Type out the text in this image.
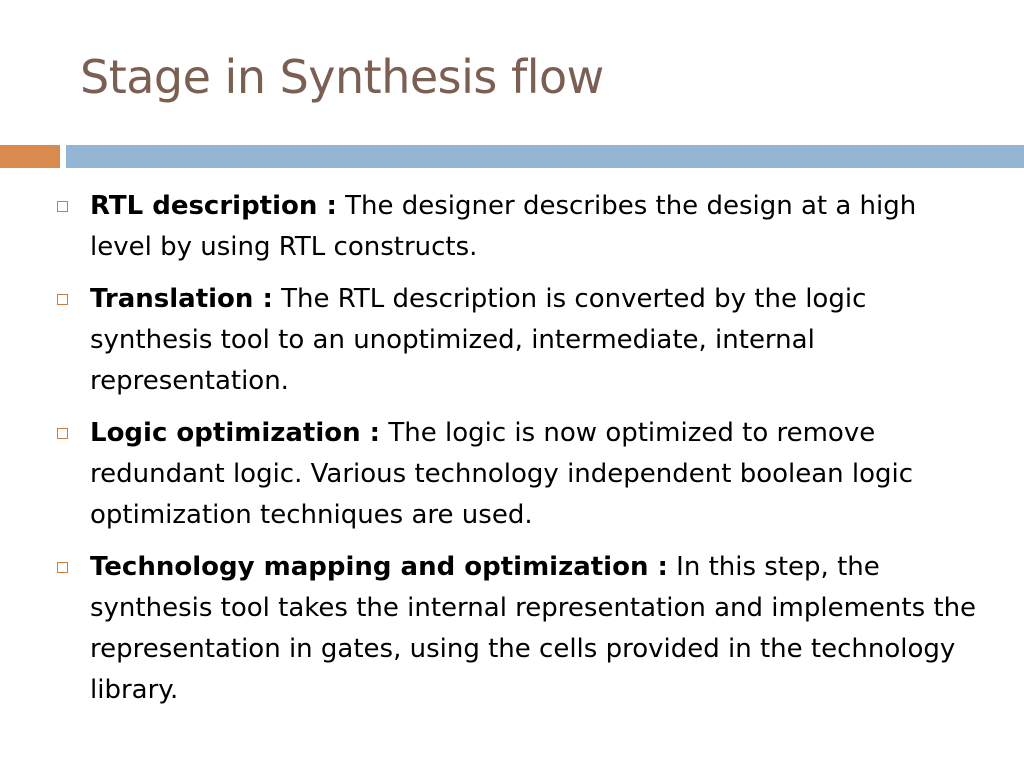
Stage in Synthesis flow
RTL description : The designer describes the design at a high level by using RTL constructs.
Translation : The RTL description is converted by the logic synthesis tool to an unoptimized, intermediate, internal representation.
Logic optimization : The logic is now optimized to remove redundant logic. Various technology independent boolean logic optimization techniques are used.
Technology mapping and optimization : In this step, the synthesis tool takes the internal representation and implements the representation in gates, using the cells provided in the technology library.
